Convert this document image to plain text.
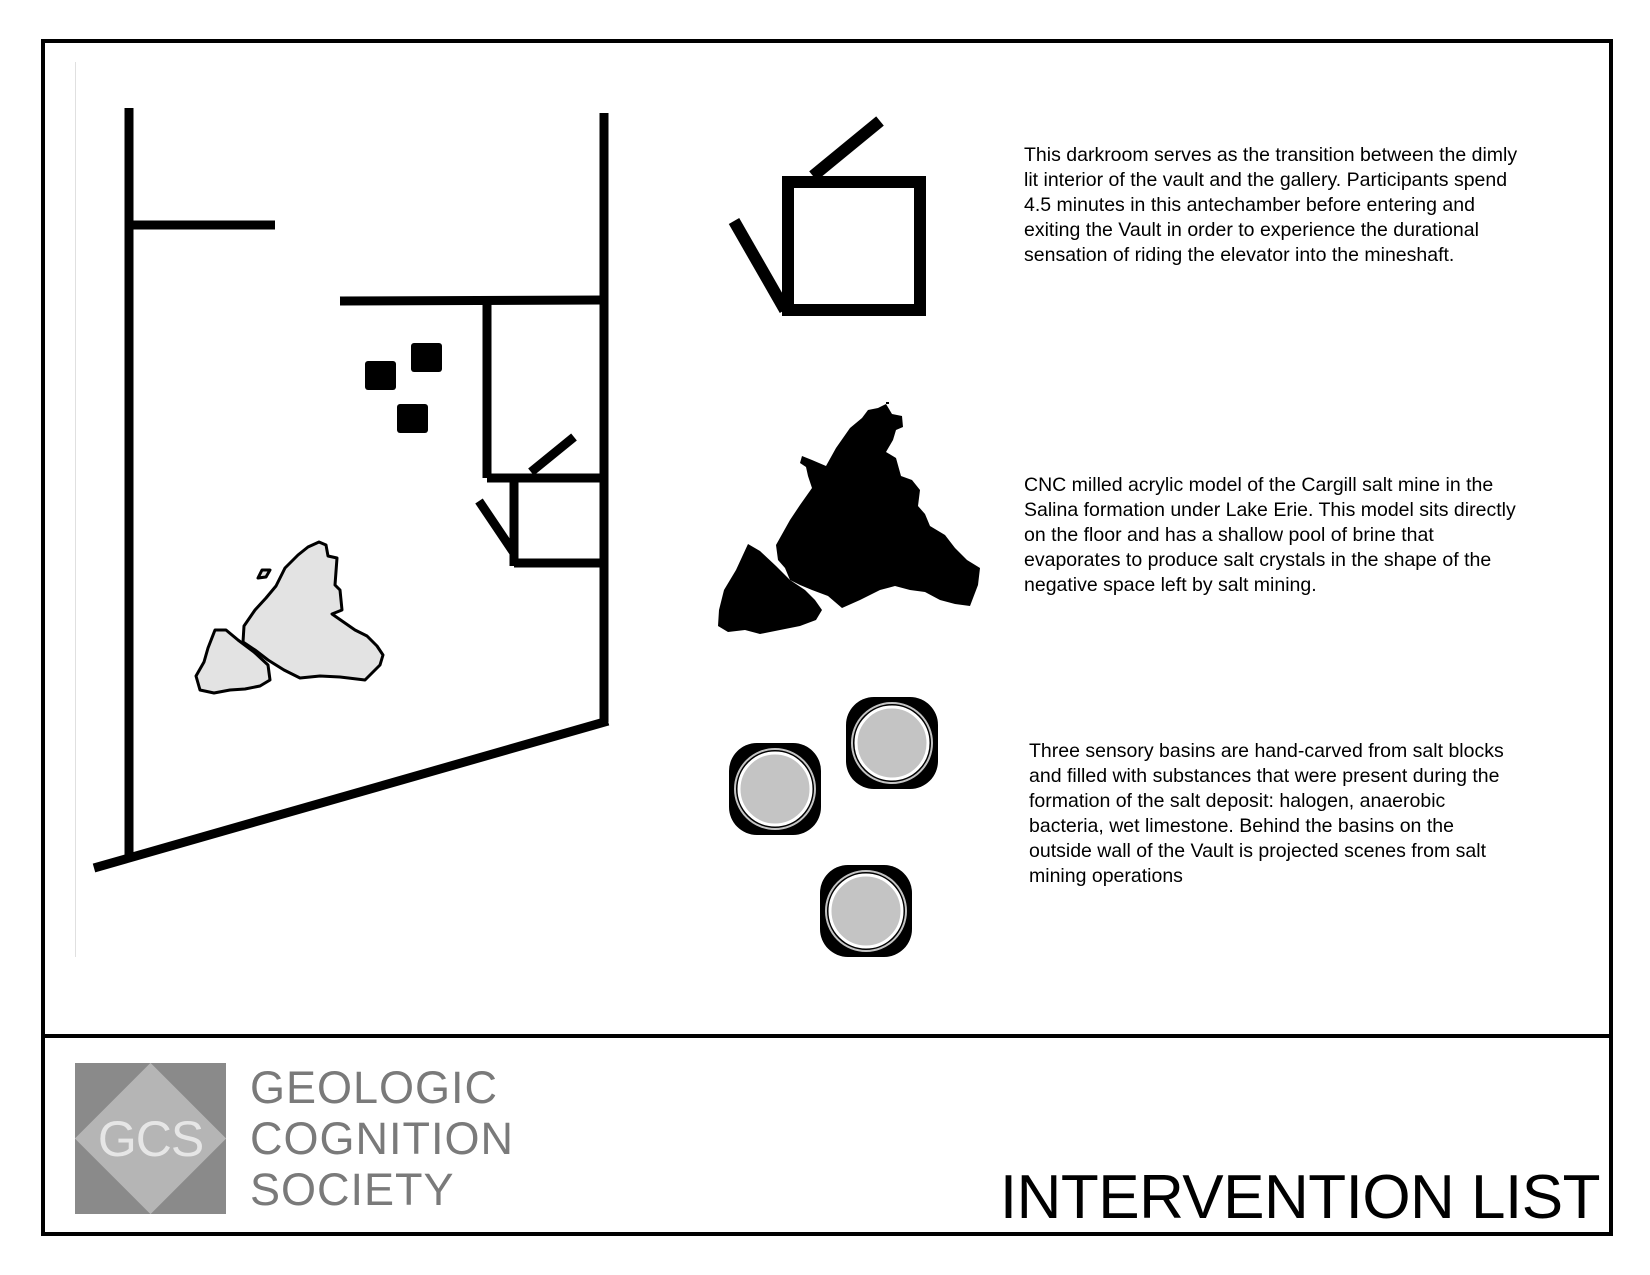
This darkroom serves as the transition between the dimly lit interior of the vault and the gallery. Participants spend 4.5 minutes in this antechamber before entering and exiting the Vault in order to experience the durational sensation of riding the elevator into the mineshaft.

CNC milled acrylic model of the Cargill salt mine in the Salina formation under Lake Erie. This model sits directly on the floor and has a shallow pool of brine that evaporates to produce salt crystals in the shape of the negative space left by salt mining.

Three sensory basins are hand-carved from salt blocks and filled with substances that were present during the formation of the salt deposit: halogen, anaerobic bacteria, wet limestone. Behind the basins on the outside wall of the Vault is projected scenes from salt mining operations

GCS
GEOLOGIC
COGNITION
SOCIETY	INTERVENTION LIST
